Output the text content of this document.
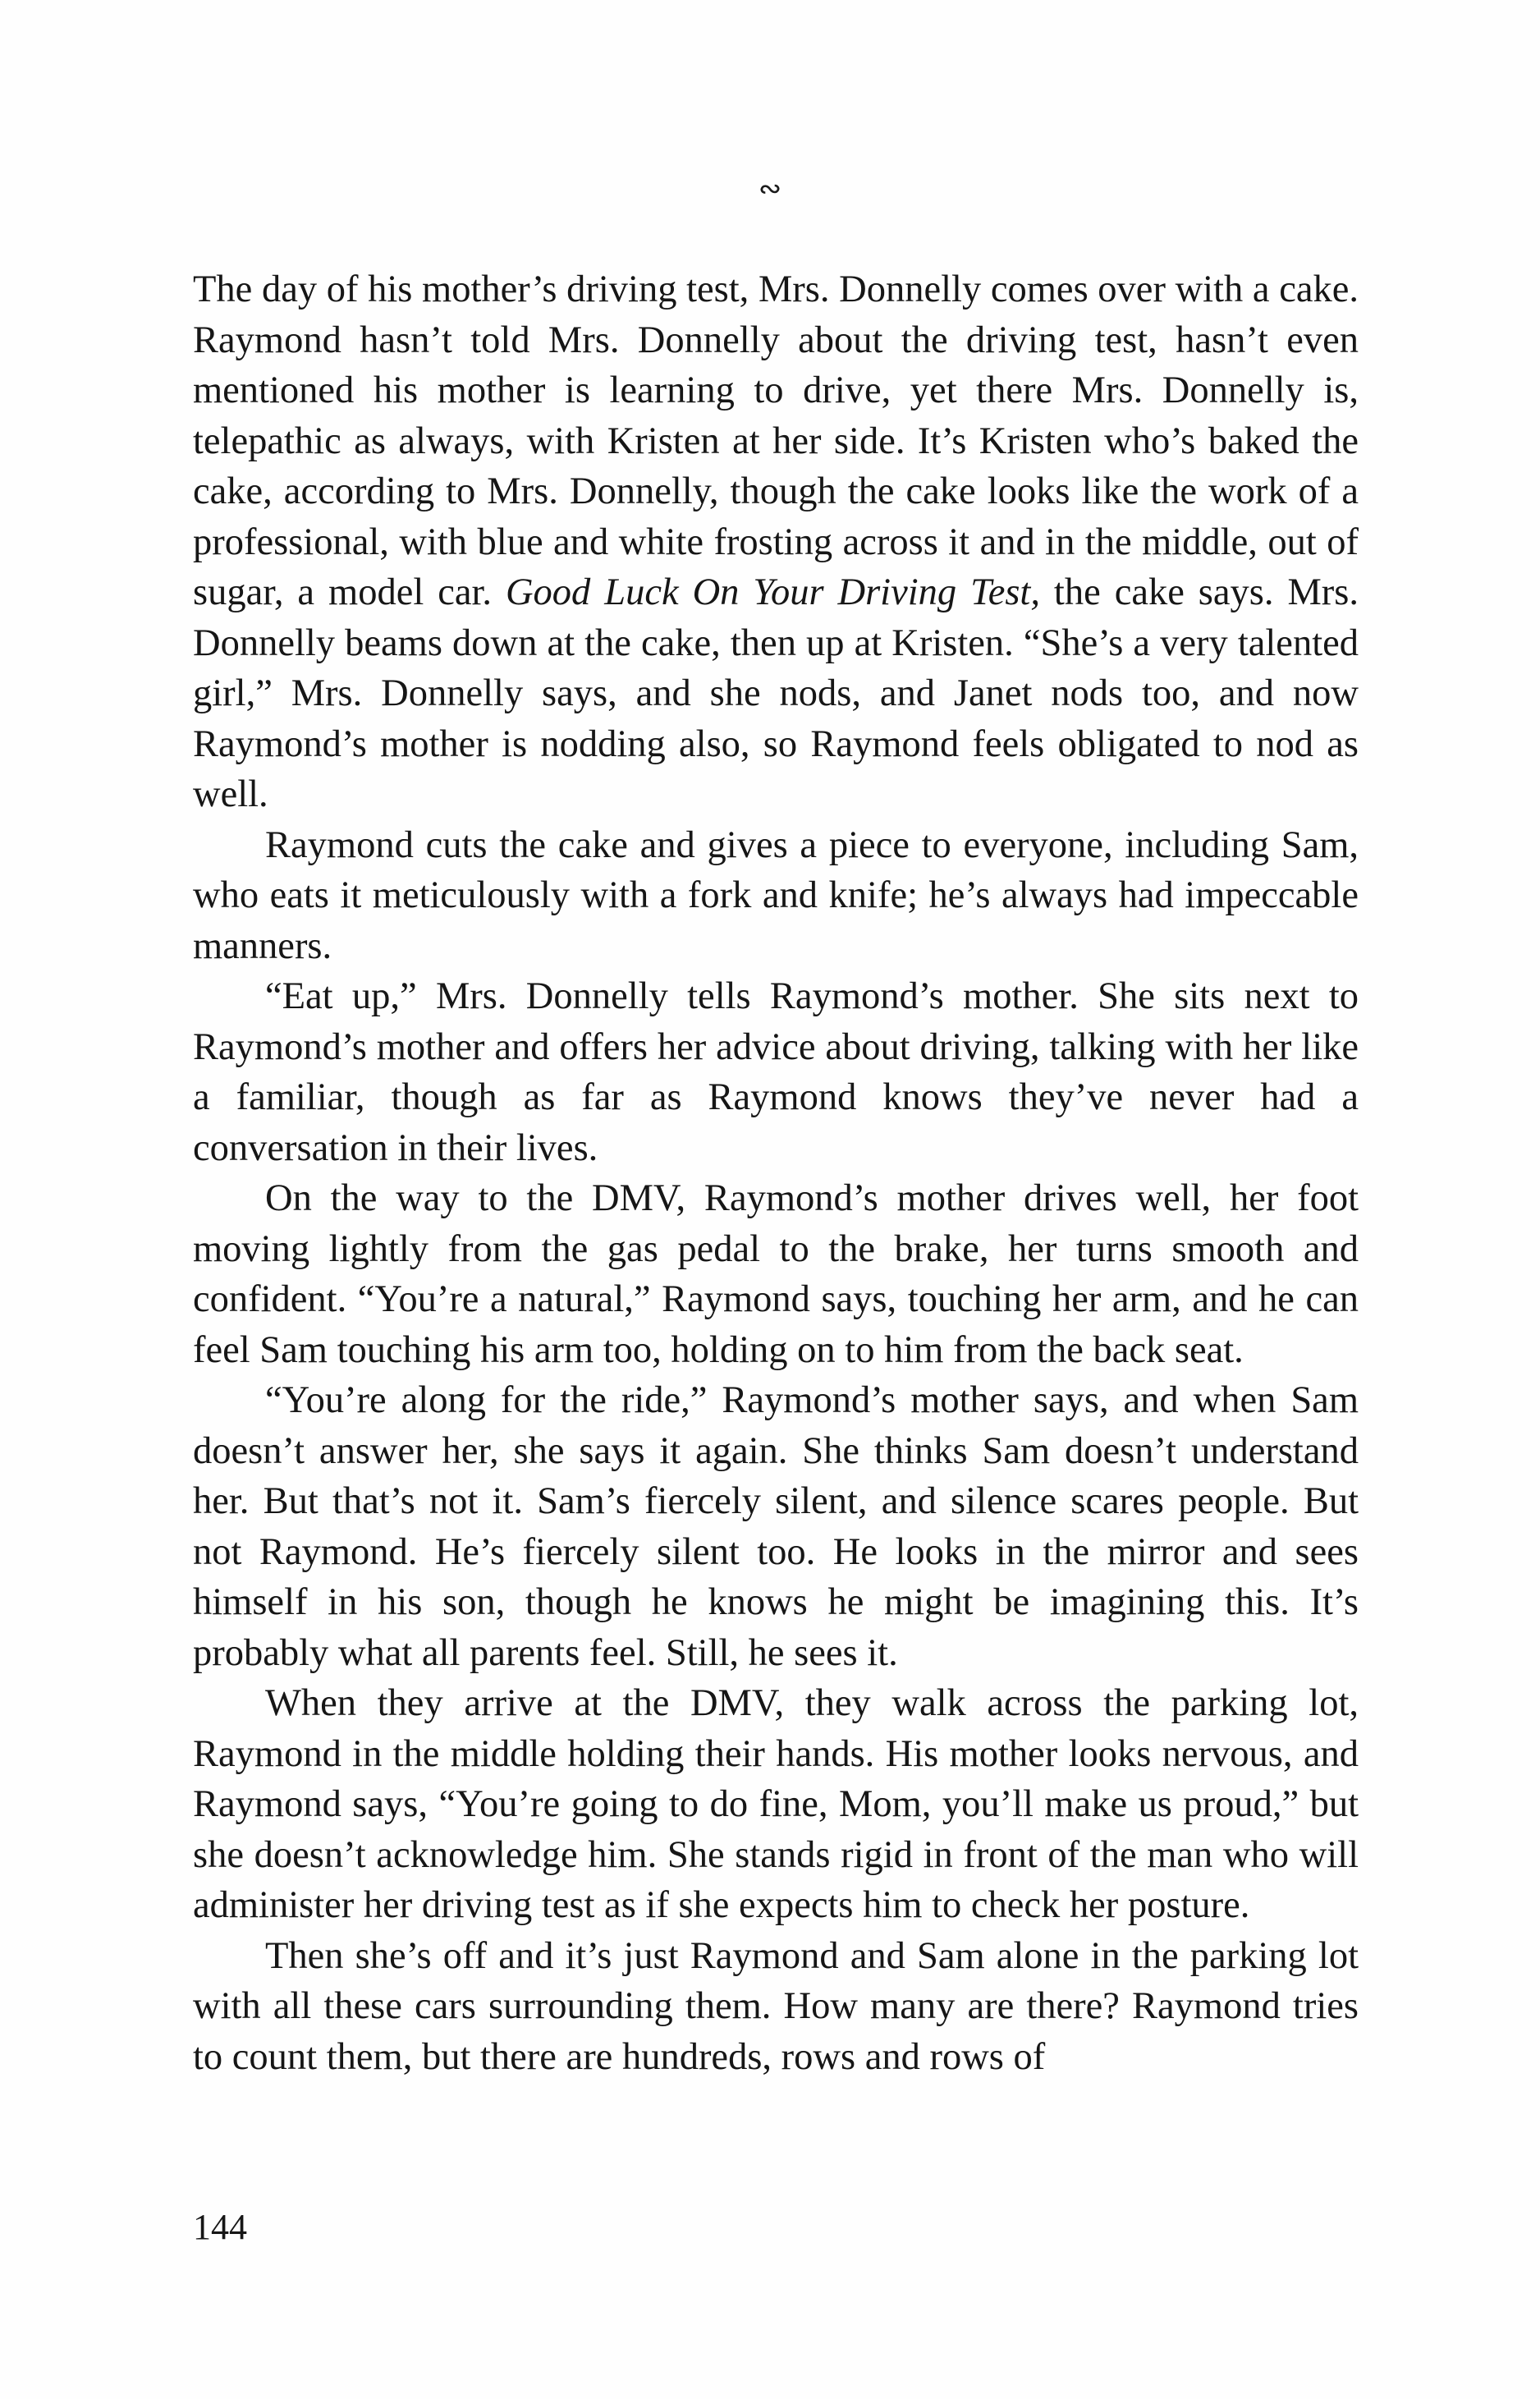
∾

The day of his mother’s driving test, Mrs. Donnelly comes over with a cake. Raymond hasn’t told Mrs. Donnelly about the driving test, hasn’t even mentioned his mother is learning to drive, yet there Mrs. Donnelly is, telepathic as always, with Kristen at her side. It’s Kristen who’s baked the cake, according to Mrs. Donnelly, though the cake looks like the work of a professional, with blue and white frosting across it and in the middle, out of sugar, a model car. Good Luck On Your Driving Test, the cake says. Mrs. Donnelly beams down at the cake, then up at Kristen. “She’s a very talented girl,” Mrs. Donnelly says, and she nods, and Janet nods too, and now Raymond’s mother is nodding also, so Raymond feels obligated to nod as well.

Raymond cuts the cake and gives a piece to everyone, including Sam, who eats it meticulously with a fork and knife; he’s always had impeccable manners.

“Eat up,” Mrs. Donnelly tells Raymond’s mother. She sits next to Raymond’s mother and offers her advice about driving, talking with her like a familiar, though as far as Raymond knows they’ve never had a conversation in their lives.

On the way to the DMV, Raymond’s mother drives well, her foot moving lightly from the gas pedal to the brake, her turns smooth and confident. “You’re a natural,” Raymond says, touching her arm, and he can feel Sam touching his arm too, holding on to him from the back seat.

“You’re along for the ride,” Raymond’s mother says, and when Sam doesn’t answer her, she says it again. She thinks Sam doesn’t understand her. But that’s not it. Sam’s fiercely silent, and silence scares people. But not Raymond. He’s fiercely silent too. He looks in the mirror and sees himself in his son, though he knows he might be imagining this. It’s probably what all parents feel. Still, he sees it.

When they arrive at the DMV, they walk across the parking lot, Raymond in the middle holding their hands. His mother looks nervous, and Raymond says, “You’re going to do fine, Mom, you’ll make us proud,” but she doesn’t acknowledge him. She stands rigid in front of the man who will administer her driving test as if she expects him to check her posture.

Then she’s off and it’s just Raymond and Sam alone in the parking lot with all these cars surrounding them. How many are there? Raymond tries to count them, but there are hundreds, rows and rows of

144
